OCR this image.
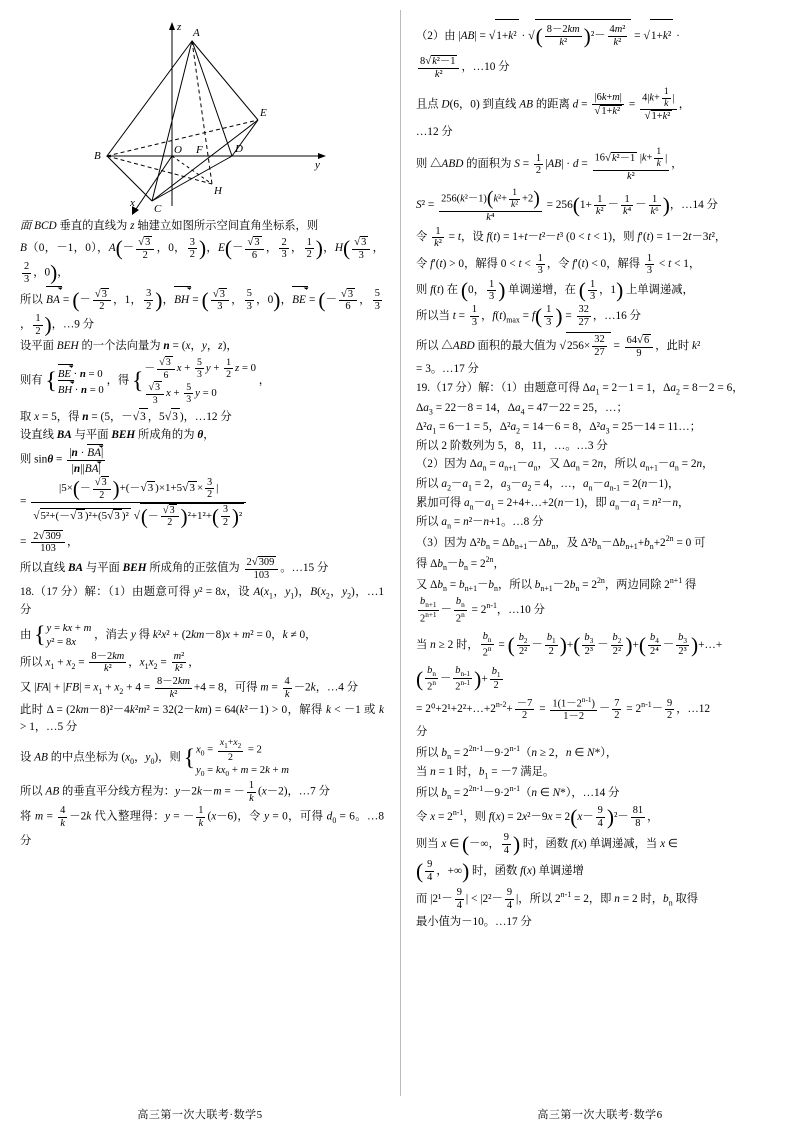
z
y
x
A
B
C
D
E
F
H
O

面 BCD 垂直的直线为 z 轴建立如图所示空间直角坐标系，则

B（0，－1，0），$A(- \frac{√3}{2}$ ，0， $\frac{3}{2}$ )，$E(- \frac{√3}{6}$ ， $\frac{2}{3}$ ， $\frac{1}{2}$ )，$H( \frac{√3}{3}$ ，
$\frac{2}{3}$ ，0)，

所以 BA = (－ $\frac{√3}{2}$ ，1， $\frac{3}{2}$ )，BH = ( $\frac{√3}{3}$ ， $\frac{5}{3}$ ，0)，BE = (－ $\frac{√3}{6}$ ， $\frac{5}{3}$
， $\frac{1}{2}$ )，…9 分

设平面 BEH 的一个法向量为 n = (x，y，z)，

则有 { BE · n = 0
BH · n = 0
，得 { － $\frac{√3}{6}$ $x + \frac{5}{3}$ $y + \frac{1}{2}$ z = 0

$\frac{√3}{3}$ $x + \frac{5}{3}$ y = 0
，

取 x = 5，得 n = (5，－√3 ，5√3 )，…12 分

设直线 BA 与平面 BEH 所成角的为 θ，

则 $\sin\theta = \frac{|n \cdot BA|}{|n||BA|}$

= $\frac{|5\times(- \frac{√3}{2} )+(-√3 )\times 1+5√3 \times \frac{3}{2} |}{√5^2+(-√3 )^2+(5√3 )^2 √(- \frac{√3}{2} )^2+1^2+( \frac{3}{2} )^2}$

= $\frac{2√309}{103}$ ，

所以直线 BA 与平面 BEH 所成角的正弦值为 $\frac{2√309}{103}$ 。…15 分

18.（17 分）解：（1）由题意可得 y² = 8x，设 $A(x_1$，$y_1$)，$B(x_2$，$y_2$)，…1 分

由 { y = kx + m
y² = 8x
，消去 y 得 k²x² + (2km－8)x + m² = 0，k ≠ 0，

所以 $x_1 + x_2 = \frac{8-2km}{\text{k²}}$ ，$x_1x_2 = \frac{\text{m²}}{\text{k²}}$ ，

又 $|FA| + |FB| = x_1 + x_2 + 4 = \frac{8-2km}{\text{k²}} +4 = 8$，可得 $m = \frac{4}{k} -2k$，…4 分

此时 Δ = (2km－8)²－4k²m² = 32(2－km) = 64(k²－1) > 0，解得 k < －1 或 k > 1，…5 分

设 AB 的中点坐标为 ($x_0$，$y_0$)，则 { $x_0 = \frac{x_1+x_2}{2} = 2$
$y_0 = kx_0 + m = 2k + m$

所以 AB 的垂直平分线方程为：y－2k－m = － $\frac{1}{k} (x-2)$，…7 分

将 $m = \frac{4}{k} -2k$ 代入整理得：y = － $\frac{1}{k} (x-6)$，令 y = 0，可得 $d_0 = 6$。…8 分

高三第一次大联考·数学5

（2）由 |AB| = √1+k² · √( $\frac{8-2km}{\text{k²}} )^2- \frac{\text{4m²}}{\text{k²}} = √1+k^2$ ·

$\frac{\text{8√k²－1}}{\text{k²}}$ ，…10 分

且点 D(6，0) 到直线 AB 的距离 $d = \frac{|6k+m|}{\text{√1+k²}} = \frac{4|k+ \frac{1}{k} |}{\text{√1+k²}}$ ，

…12 分

则 △ABD 的面积为 $S = \frac{1}{2} |AB| \cdot d = \frac{16√k^2-1 |k+ \frac{1}{k} |}{\text{k²}}$ ，

$S^2 = \frac{256(k^2-1)(k^2+ \frac{1}{\text{k²}} +2)}{\text{k⁴}} = 256(1+ \frac{1}{\text{k²}} - \frac{1}{\text{k⁴}} - \frac{1}{\text{k⁶}}$ )，…14 分

令 $\frac{1}{\text{k²}} = t$，设 f(t) = 1+t－t²－t³ (0 < t < 1)，则 f′(t) = 1－2t－3t²，

令 f′(t) > 0，解得 $0 < t < \frac{1}{3}$ ，令 f′(t) < 0，解得 $\frac{1}{3} < t < 1$，

则 f(t) 在 (0， $\frac{1}{3}$ ) 单调递增，在 ( $\frac{1}{3}$ ，1) 上单调递减，

所以当 $t = \frac{1}{3}$ ，$f(t)_{max} = f( \frac{1}{3}$ ) = $\frac{32}{27}$ ，…16 分

所以 △ABD 面积的最大值为 $√256\times \frac{32}{27} = \frac{64√6}{9}$ ，此时 k²

= 3。…17 分

19.（17 分）解：（1）由题意可得 $\Delta a_1 = 2-1 = 1$，$\Delta a_2 = 8-2 = 6$，

$\Delta a_3 = 22-8 = 14$，$\Delta a_4 = 47-22 = 25$，…；

$\Delta^2a_1 = 6-1 = 5$，$\Delta^2a_2 = 14-6 = 8$，$\Delta^2a_3 = 25-14$ = 11…；

所以 2 阶数列为 5，8，11，…。…3 分

（2）因为 $\Delta a_n = a_{n+1}-a_n$，又 $\Delta a_n = 2n$，所以 $a_{n+1}-a_n = 2n$，

所以 $a_2-a_1 = 2$，$a_3-a_2 = 4$，…，$a_n-a_{n-1} = 2(n-1)$，

累加可得 $a_n-a_1$ = 2+4+…+2(n－1)，即 $a_n-a_1 = n^2-n$，

所以 $a_n = n^2-n+1$。…8 分

（3）因为 $\Delta^2b_n = \Delta b_{n+1}-\Delta b_n$，及 $\Delta^2b_n-\Delta b_{n+1}+b_n+2^{2n} = 0$ 可

得 $\Delta b_n-b_n = 2^{2n}$，

又 $\Delta b_n = b_{n+1}-b_n$，所以 $b_{n+1}-2b_n = 2^{2n}$，两边同除 $2^{n+1}$ 得

$\frac{b_{n+1}}{2^{n+1}} - \frac{b_n}{2^n} = 2^{n-1}$，…10 分

当 n ≥ 2 时， $\frac{b_n}{2^n}$ = ( $\frac{b_2}{\text{2²}} - \frac{b_1}{2}$ )+( $\frac{b_3}{\text{2³}} - \frac{b_2}{\text{2²}}$ )+( $\frac{b_4}{\text{2⁴}} - \frac{b_3}{\text{2³}}$ )+…+

( $\frac{b_n}{2^n} - \frac{b_{n-1}}{2^{n-1}}$ )+ $\frac{b_1}{2}$

= $2^0+2^1+2^2+\dots+2^{n-2}+ \frac{-7}{2} = \frac{1(1-2^{n-1})}{1-2} - \frac{7}{2} = 2^{n-1}- \frac{9}{2}$ ，…12

分

所以 $b_n = 2^{2n-1}-9\cdot 2^{n-1}(n \ge 2$，n ∈ N*），

当 n = 1 时，$b_1 = -7$ 满足。

所以 $b_n = 2^{2n-1}-9\cdot 2^{n-1}(n$ ∈ N*），…14 分

令 $x = 2^{n-1}$，则 $f(x) = 2x^2-9x = 2(x- \frac{9}{4} )^2- \frac{81}{8}$ ，

则当 x ∈ (－∞， $\frac{9}{4}$ ) 时，函数 f(x) 单调递减，当 x ∈

( $\frac{9}{4}$ ，+∞) 时，函数 f(x) 单调递增

而 $|2^1- \frac{9}{4}$ | < $|2^2- \frac{9}{4}$ |，所以 $2^{n-1} = 2$，即 n = 2 时，$b_n$ 取得

最小值为－10。…17 分

高三第一次大联考·数学6
